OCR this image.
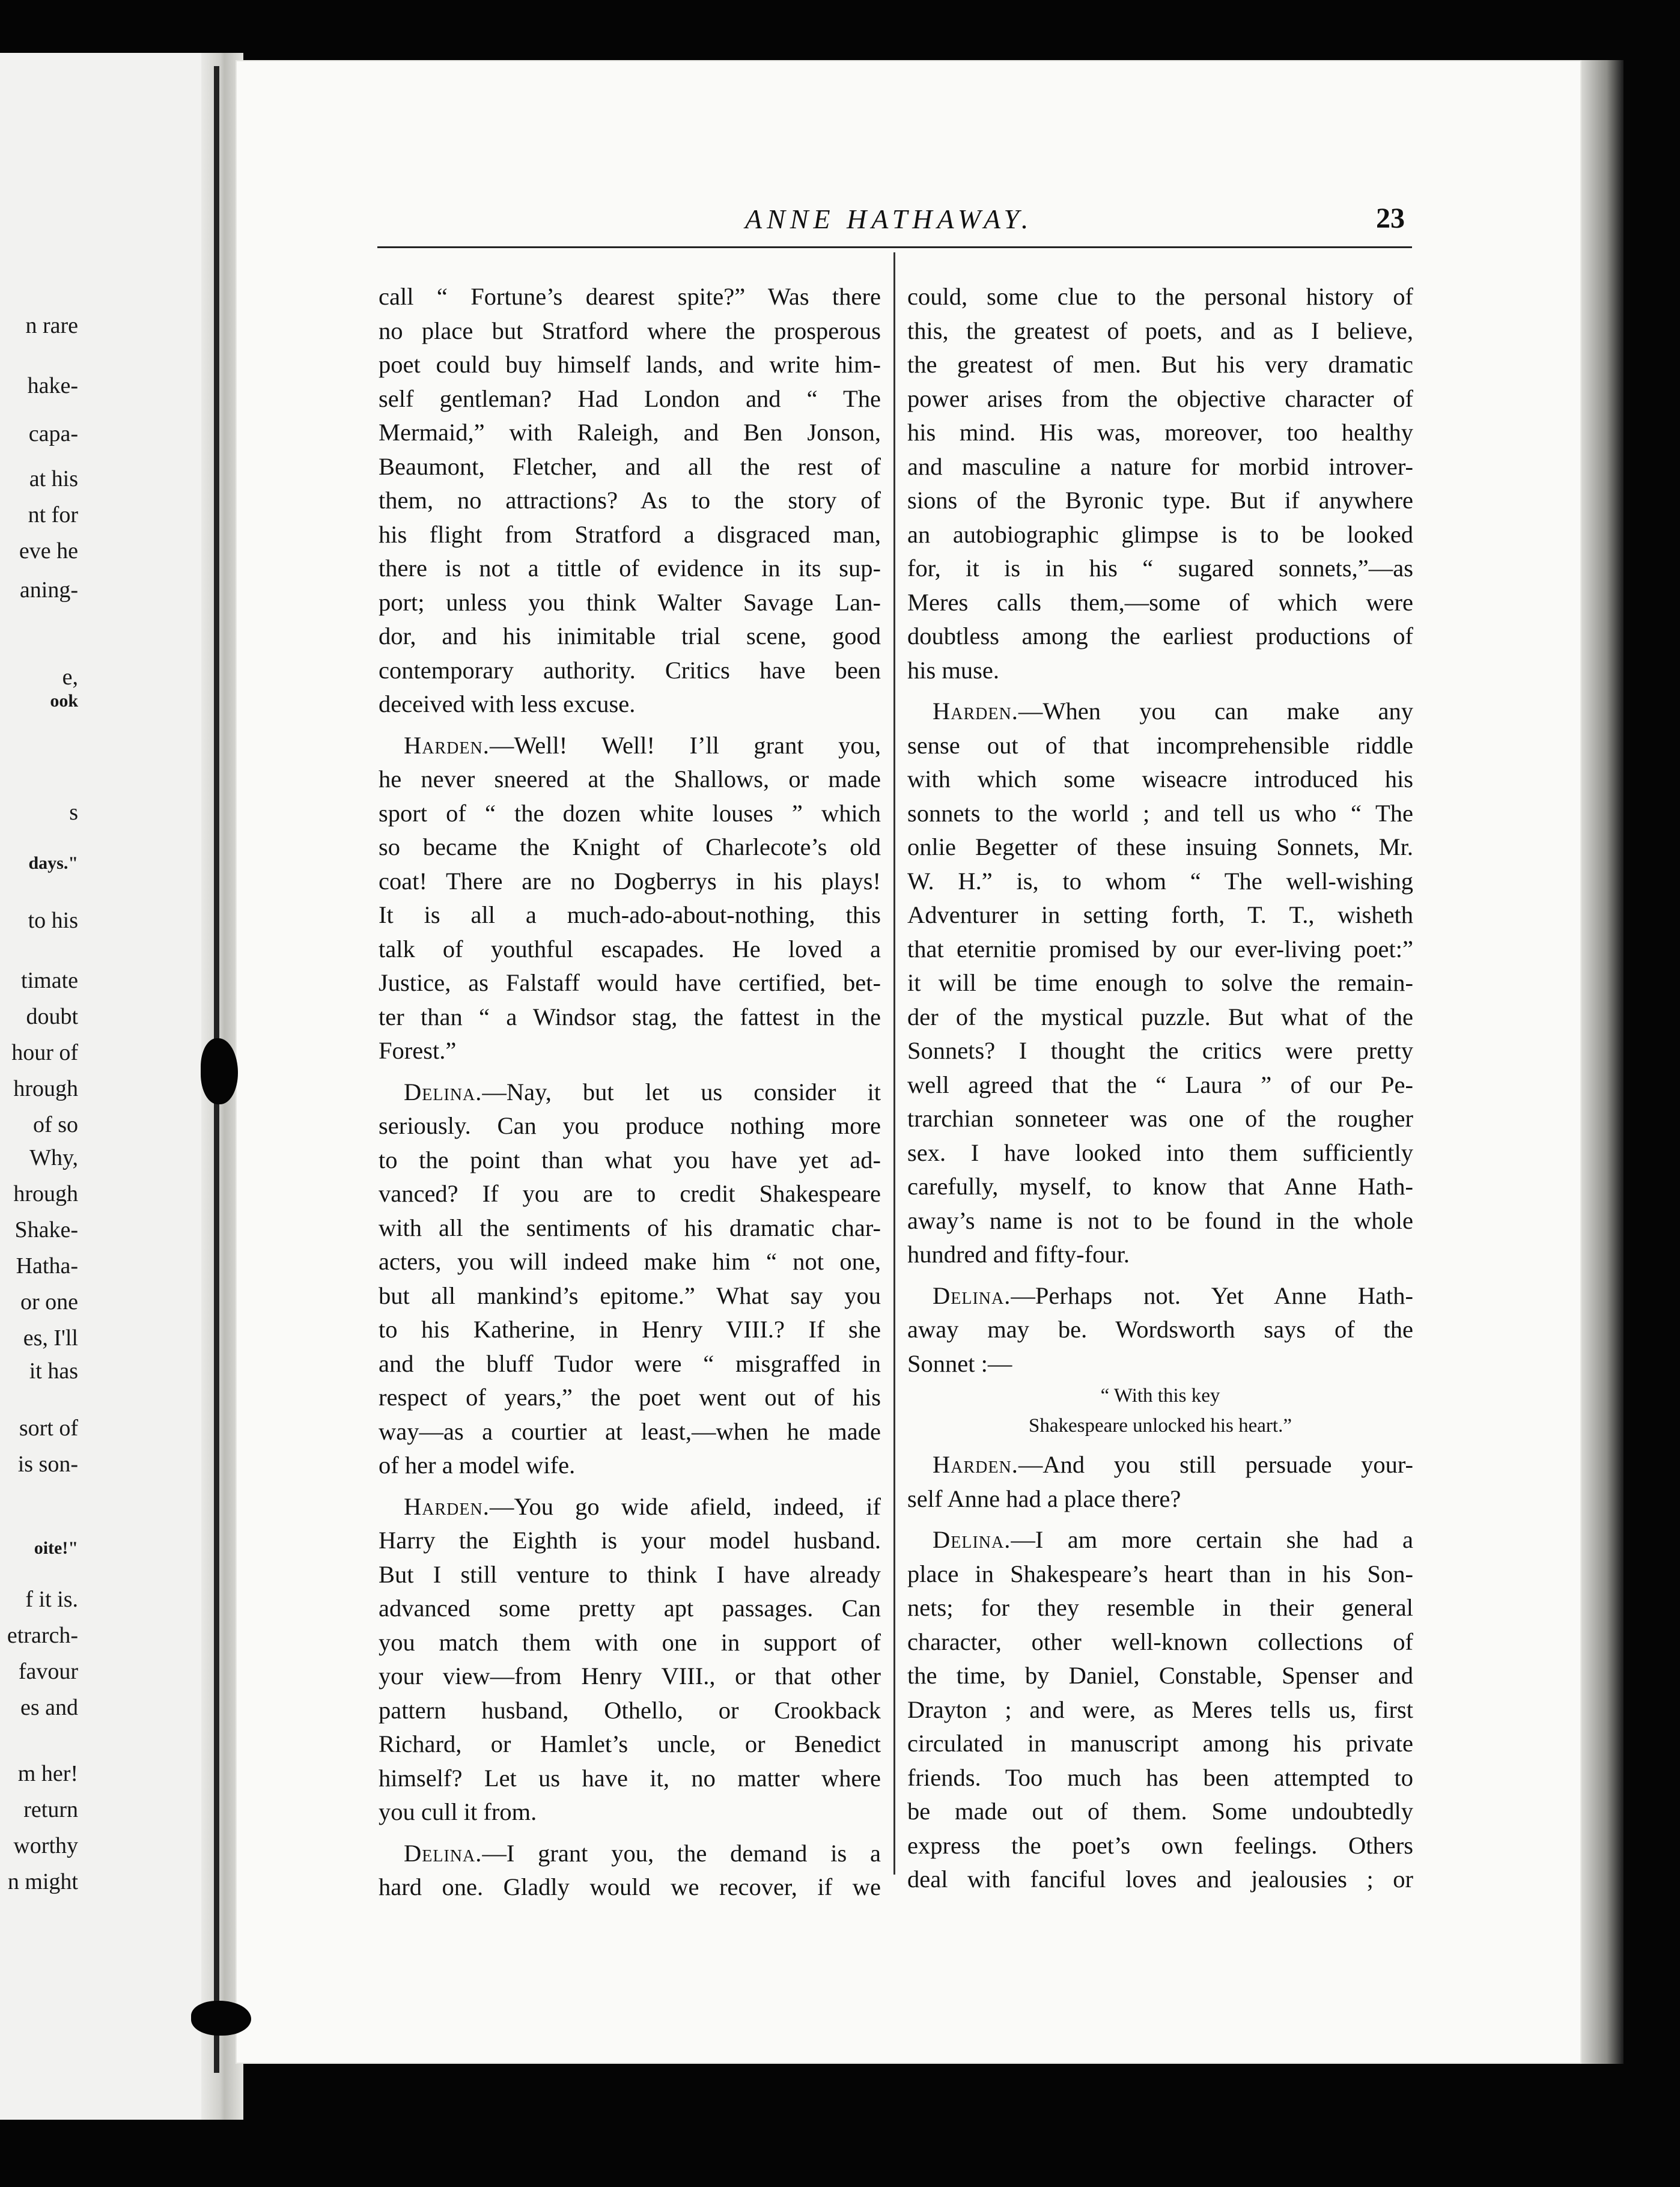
ANNE HATHAWAY.	23
call “ Fortune’s dearest spite?” Was there
no place but Stratford where the prosperous
poet could buy himself lands, and write him-
self gentleman? Had London and “ The
Mermaid,” with Raleigh, and Ben Jonson,
Beaumont, Fletcher, and all the rest of
them, no attractions? As to the story of
his flight from Stratford a disgraced man,
there is not a tittle of evidence in its sup-
port; unless you think Walter Savage Lan-
dor, and his inimitable trial scene, good
contemporary authority. Critics have been
deceived with less excuse.
Harden.—Well! Well! I’ll grant you,
he never sneered at the Shallows, or made
sport of “ the dozen white louses ” which
so became the Knight of Charlecote’s old
coat! There are no Dogberrys in his plays!
It is all a much-ado-about-nothing, this
talk of youthful escapades. He loved a
Justice, as Falstaff would have certified, bet-
ter than “ a Windsor stag, the fattest in the
Forest.”
Delina.—Nay, but let us consider it
seriously. Can you produce nothing more
to the point than what you have yet ad-
vanced? If you are to credit Shakespeare
with all the sentiments of his dramatic char-
acters, you will indeed make him “ not one,
but all mankind’s epitome.” What say you
to his Katherine, in Henry VIII.? If she
and the bluff Tudor were “ misgraffed in
respect of years,” the poet went out of his
way—as a courtier at least,—when he made
of her a model wife.
Harden.—You go wide afield, indeed, if
Harry the Eighth is your model husband.
But I still venture to think I have already
advanced some pretty apt passages. Can
you match them with one in support of
your view—from Henry VIII., or that other
pattern husband, Othello, or Crookback
Richard, or Hamlet’s uncle, or Benedict
himself? Let us have it, no matter where
you cull it from.
Delina.—I grant you, the demand is a
hard one. Gladly would we recover, if we
could, some clue to the personal history of
this, the greatest of poets, and as I believe,
the greatest of men. But his very dramatic
power arises from the objective character of
his mind. His was, moreover, too healthy
and masculine a nature for morbid introver-
sions of the Byronic type. But if anywhere
an autobiographic glimpse is to be looked
for, it is in his “ sugared sonnets,”—as
Meres calls them,—some of which were
doubtless among the earliest productions of
his muse.
Harden.—When you can make any
sense out of that incomprehensible riddle
with which some wiseacre introduced his
sonnets to the world ; and tell us who “ The
onlie Begetter of these insuing Sonnets, Mr.
W. H.” is, to whom “ The well-wishing
Adventurer in setting forth, T. T., wisheth
that eternitie promised by our ever-living poet:”
it will be time enough to solve the remain-
der of the mystical puzzle. But what of the
Sonnets? I thought the critics were pretty
well agreed that the “ Laura ” of our Pe-
trarchian sonneteer was one of the rougher
sex. I have looked into them sufficiently
carefully, myself, to know that Anne Hath-
away’s name is not to be found in the whole
hundred and fifty-four.
Delina.—Perhaps not. Yet Anne Hath-
away may be. Wordsworth says of the
Sonnet :—
“ With this key
Shakespeare unlocked his heart.”
Harden.—And you still persuade your-
self Anne had a place there?
Delina.—I am more certain she had a
place in Shakespeare’s heart than in his Son-
nets; for they resemble in their general
character, other well-known collections of
the time, by Daniel, Constable, Spenser and
Drayton ; and were, as Meres tells us, first
circulated in manuscript among his private
friends. Too much has been attempted to
be made out of them. Some undoubtedly
express the poet’s own feelings. Others
deal with fanciful loves and jealousies ; or
n rare
hake-
capa-
at his
nt for
eve he
aning-
e,
ook
s
days."
to his
timate
doubt
hour of
hrough
of so
Why,
hrough
Shake-
Hatha-
or one
es, I'll
it has
sort of
is son-
oite!"
f it is.
etrarch-
favour
es and
m her!
return
worthy
n might
